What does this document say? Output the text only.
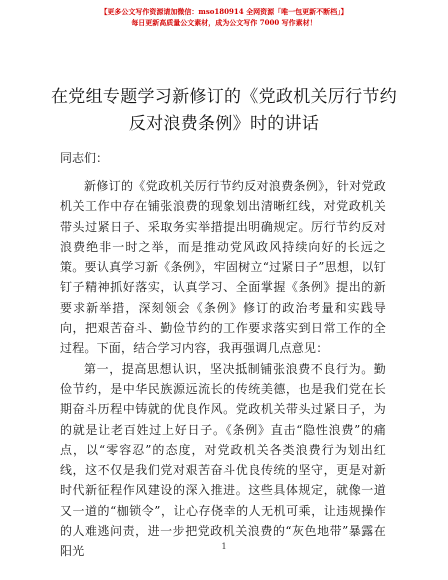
【更多公文写作资源请加微信：mso180914 全网资源「唯一包更新不断档」】
每日更新高质量公文素材，成为公文写作 7000 写作素材！
在党组专题学习新修订的《党政机关厉行节约
反对浪费条例》时的讲话
同志们：

新修订的《党政机关厉行节约反对浪费条例》，针对党政机关工作中存在铺张浪费的现象划出清晰红线，对党政机关带头过紧日子、采取务实举措提出明确规定。厉行节约反对浪费绝非一时之举，而是推动党风政风持续向好的长远之策。要认真学习新《条例》，牢固树立“过紧日子”思想，以钉钉子精神抓好落实，认真学习、全面掌握《条例》提出的新要求新举措，深刻领会《条例》修订的政治考量和实践导向，把艰苦奋斗、勤俭节约的工作要求落实到日常工作的全过程。下面，结合学习内容，我再强调几点意见：

第一，提高思想认识，坚决抵制铺张浪费不良行为。勤俭节约，是中华民族源远流长的传统美德，也是我们党在长期奋斗历程中铸就的优良作风。党政机关带头过紧日子，为的就是让老百姓过上好日子。《条例》直击“隐性浪费”的痛点，以“零容忍”的态度，对党政机关各类浪费行为划出红线，这不仅是我们党对艰苦奋斗优良传统的坚守，更是对新时代新征程作风建设的深入推进。这些具体规定，就像一道又一道的“枷锁令”，让心存侥幸的人无机可乘，让违规操作的人难逃问责，进一步把党政机关浪费的“灰色地带”暴露在阳光	1
